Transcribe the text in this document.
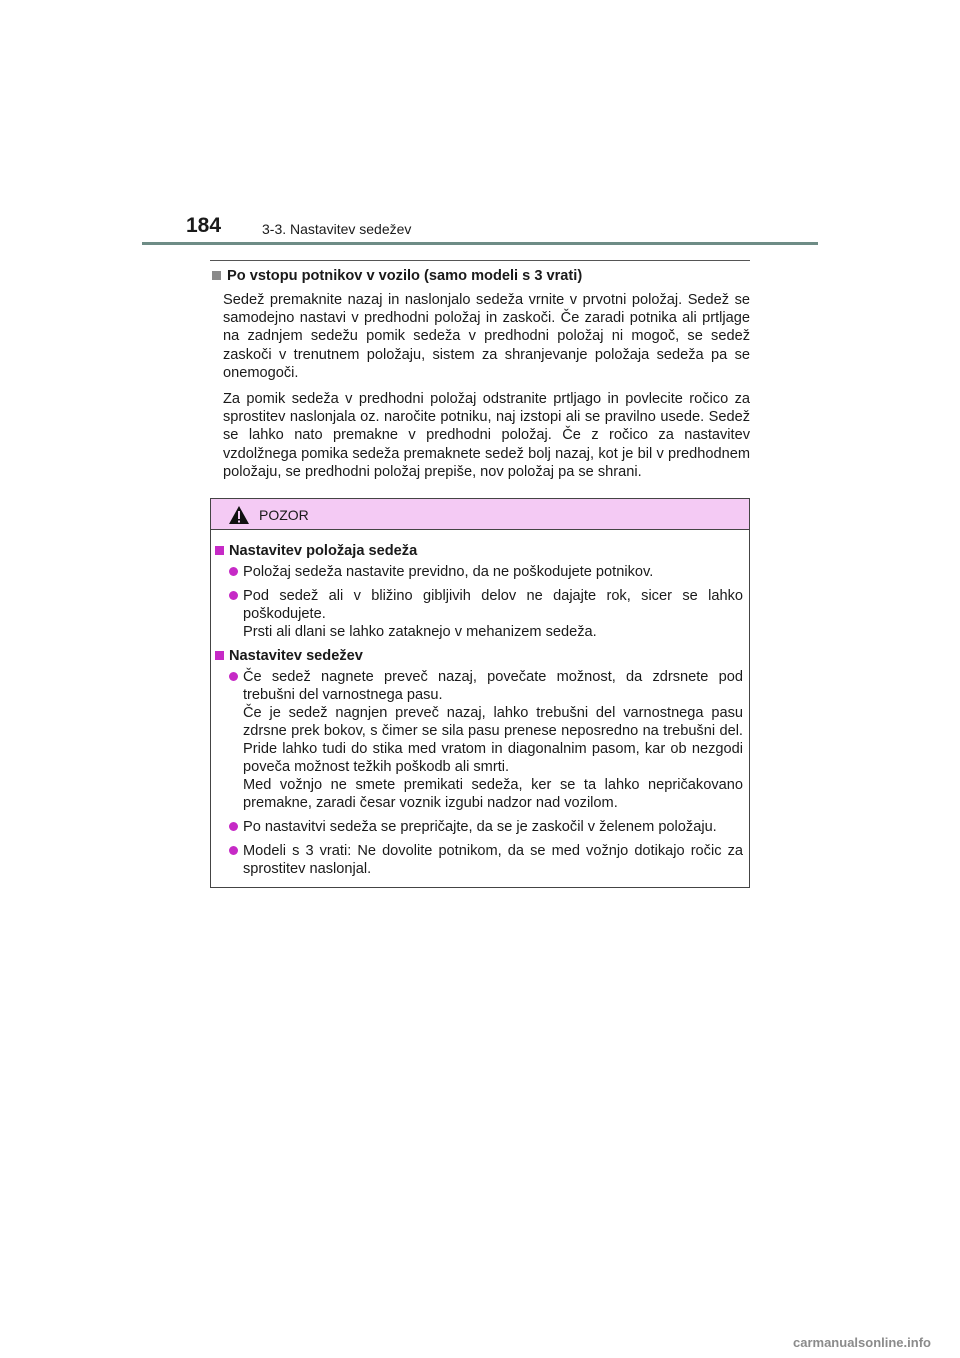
184	3-3. Nastavitev sedežev
Po vstopu potnikov v vozilo (samo modeli s 3 vrati)

Sedež premaknite nazaj in naslonjalo sedeža vrnite v prvotni položaj. Sedež se samodejno nastavi v predhodni položaj in zaskoči. Če zaradi potnika ali prtljage na zadnjem sedežu pomik sedeža v predhodni položaj ni mogoč, se sedež zaskoči v trenutnem položaju, sistem za shranjevanje položaja sedeža pa se onemogoči.

Za pomik sedeža v predhodni položaj odstranite prtljago in povlecite ročico za sprostitev naslonjala oz. naročite potniku, naj izstopi ali se pravilno usede. Sedež se lahko nato premakne v predhodni položaj. Če z ročico za nastavitev vzdolžnega pomika sedeža premaknete sedež bolj nazaj, kot je bil v predhodnem položaju, se predhodni položaj prepiše, nov položaj pa se shrani.

POZOR
Nastavitev položaja sedeža
Položaj sedeža nastavite previdno, da ne poškodujete potnikov.
Pod sedež ali v bližino gibljivih delov ne dajajte rok, sicer se lahko poškodujete.
Prsti ali dlani se lahko zataknejo v mehanizem sedeža.
Nastavitev sedežev
Če sedež nagnete preveč nazaj, povečate možnost, da zdrsnete pod trebušni del varnostnega pasu.
Če je sedež nagnjen preveč nazaj, lahko trebušni del varnostnega pasu zdrsne prek bokov, s čimer se sila pasu prenese neposredno na trebušni del. Pride lahko tudi do stika med vratom in diagonalnim pasom, kar ob nezgodi poveča možnost težkih poškodb ali smrti.
Med vožnjo ne smete premikati sedeža, ker se ta lahko nepričakovano premakne, zaradi česar voznik izgubi nadzor nad vozilom.
Po nastavitvi sedeža se prepričajte, da se je zaskočil v želenem položaju.
Modeli s 3 vrati: Ne dovolite potnikom, da se med vožnjo dotikajo ročic za sprostitev naslonjal.
carmanualsonline.info
